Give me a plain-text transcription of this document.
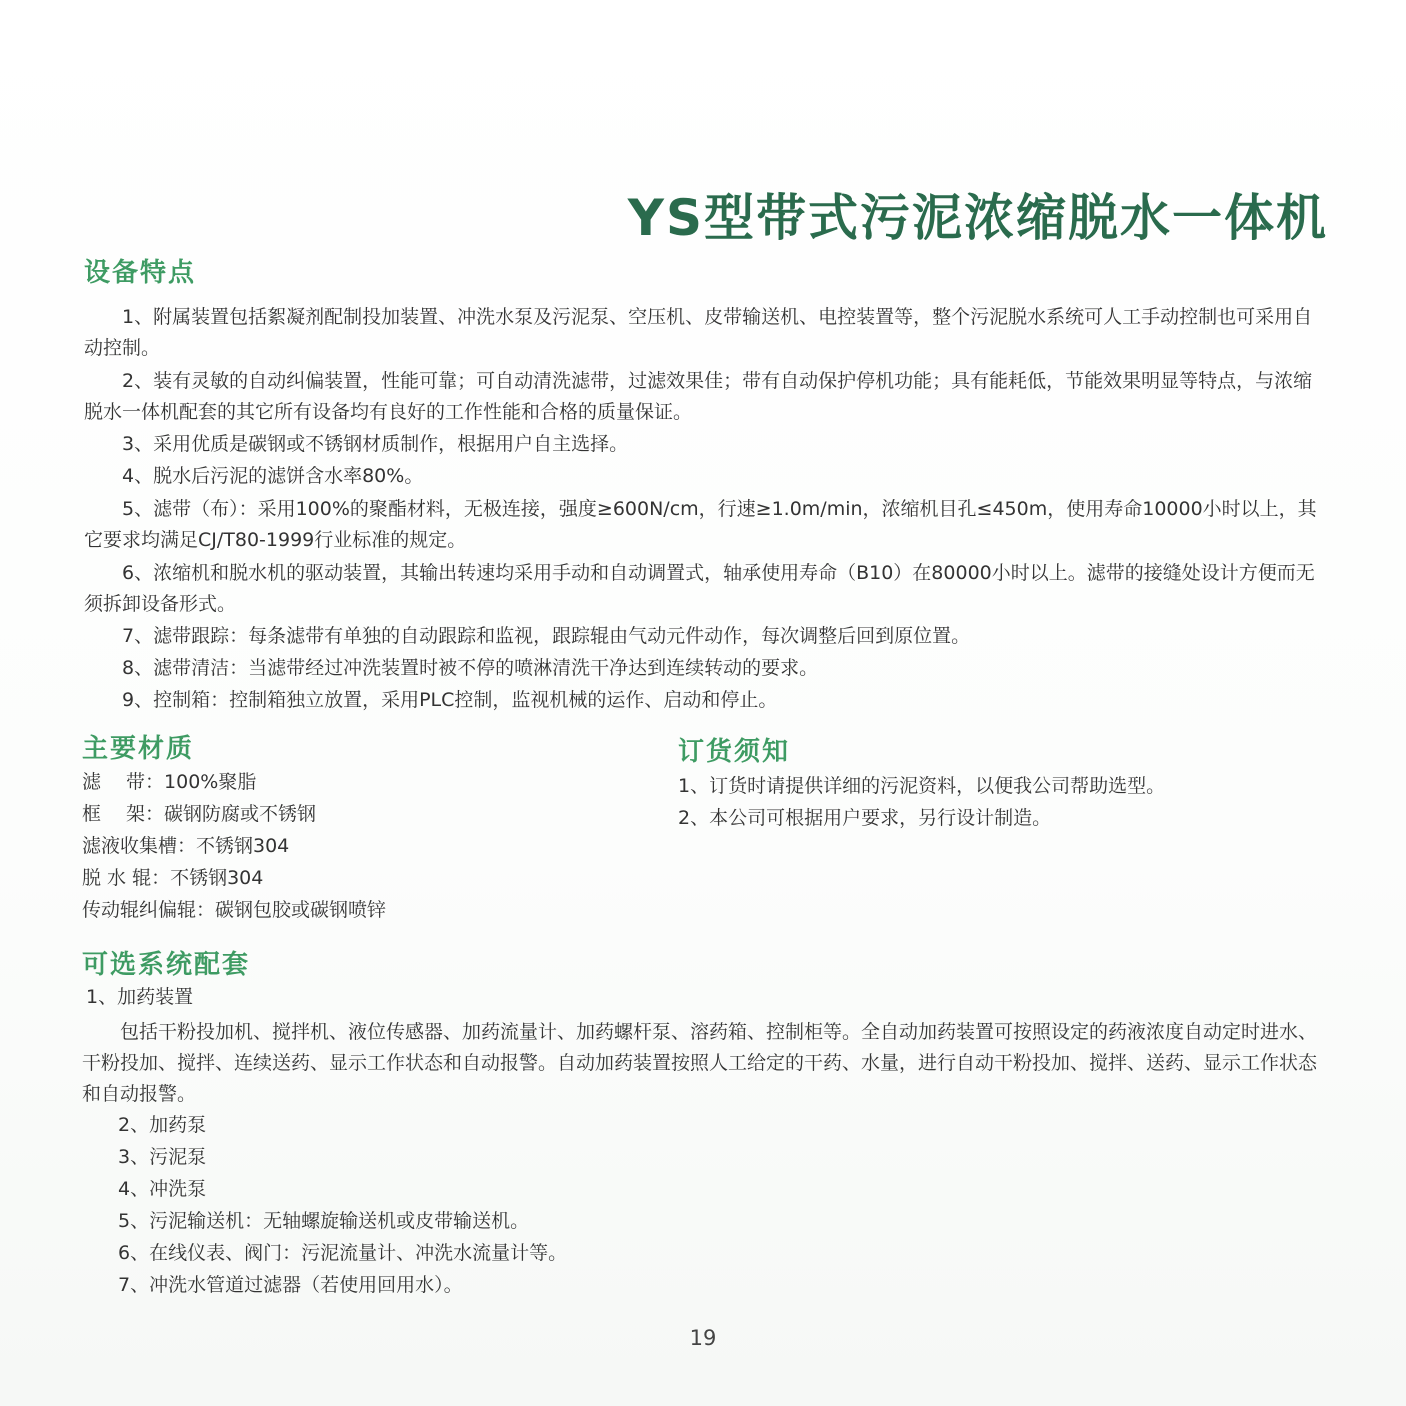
YS型带式污泥浓缩脱水一体机
设备特点

1、附属装置包括絮凝剂配制投加装置、冲洗水泵及污泥泵、空压机、皮带输送机、电控装置等，整个污泥脱水系统可人工手动控制也可采用自动控制。

2、装有灵敏的自动纠偏装置，性能可靠；可自动清洗滤带，过滤效果佳；带有自动保护停机功能；具有能耗低，节能效果明显等特点，与浓缩脱水一体机配套的其它所有设备均有良好的工作性能和合格的质量保证。

3、采用优质是碳钢或不锈钢材质制作，根据用户自主选择。

4、脱水后污泥的滤饼含水率80%。

5、滤带（布）：采用100%的聚酯材料，无极连接，强度≥600N/cm，行速≥1.0m/min，浓缩机目孔≤450m，使用寿命10000小时以上，其它要求均满足CJ/T80-1999行业标准的规定。

6、浓缩机和脱水机的驱动装置，其输出转速均采用手动和自动调置式，轴承使用寿命（B10）在80000小时以上。滤带的接缝处设计方便而无须拆卸设备形式。

7、滤带跟踪：每条滤带有单独的自动跟踪和监视，跟踪辊由气动元件动作，每次调整后回到原位置。

8、滤带清洁：当滤带经过冲洗装置时被不停的喷淋清洗干净达到连续转动的要求。

9、控制箱：控制箱独立放置，采用PLC控制，监视机械的运作、启动和停止。

主要材质
滤　 带：100%聚脂
框　 架：碳钢防腐或不锈钢
滤液收集槽：不锈钢304
脱 水 辊：不锈钢304
传动辊纠偏辊：碳钢包胶或碳钢喷锌
订货须知
1、订货时请提供详细的污泥资料，以便我公司帮助选型。
2、本公司可根据用户要求，另行设计制造。
可选系统配套
1、加药装置

包括干粉投加机、搅拌机、液位传感器、加药流量计、加药螺杆泵、溶药箱、控制柜等。全自动加药装置可按照设定的药液浓度自动定时进水、干粉投加、搅拌、连续送药、显示工作状态和自动报警。自动加药装置按照人工给定的干药、水量，进行自动干粉投加、搅拌、送药、显示工作状态和自动报警。

2、加药泵
3、污泥泵
4、冲洗泵
5、污泥输送机：无轴螺旋输送机或皮带输送机。
6、在线仪表、阀门：污泥流量计、冲洗水流量计等。
7、冲洗水管道过滤器（若使用回用水）。
19
